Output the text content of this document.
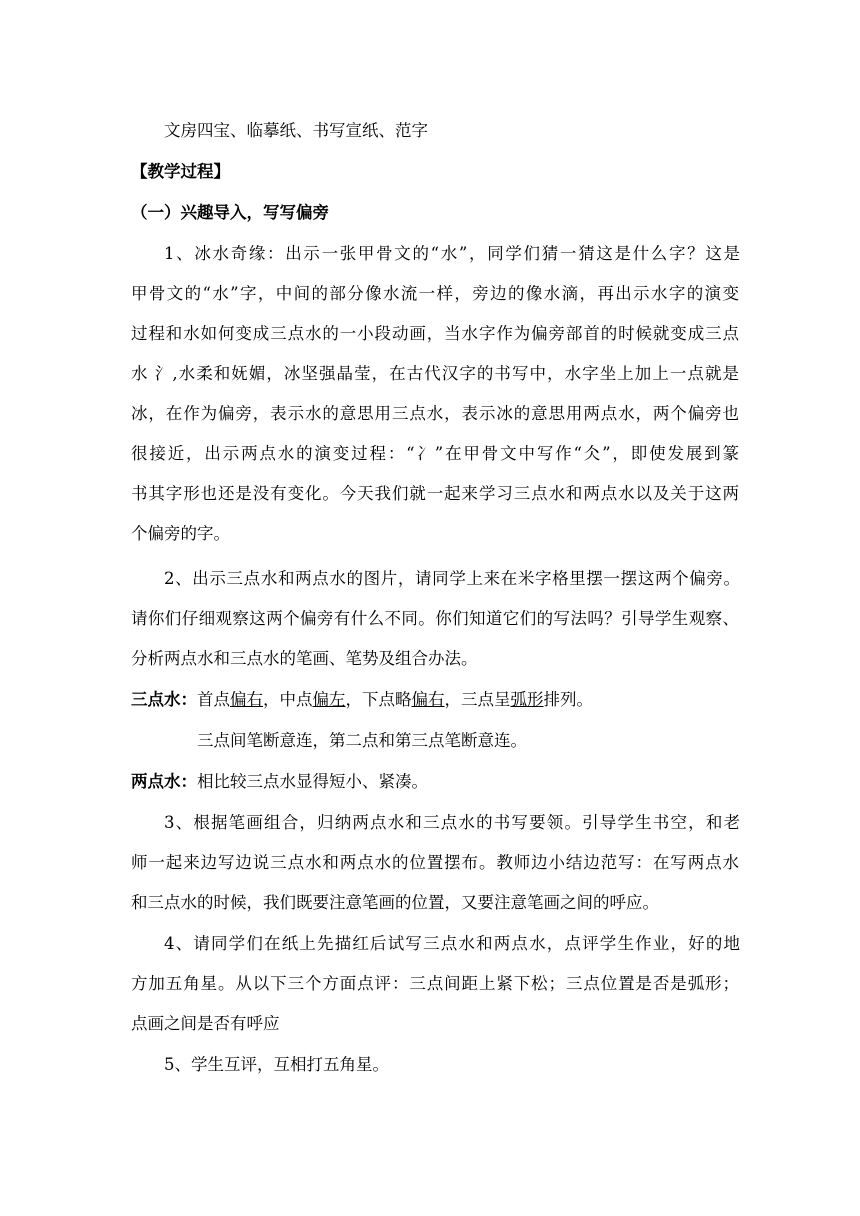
文房四宝、临摹纸、书写宣纸、范字
【教学过程】
（一）兴趣导入，写写偏旁
1、冰水奇缘：出示一张甲骨文的“水”，同学们猜一猜这是什么字？这是
甲骨文的“水”字，中间的部分像水流一样，旁边的像水滴，再出示水字的演变
过程和水如何变成三点水的一小段动画，当水字作为偏旁部首的时候就变成三点
水 氵,水柔和妩媚，冰坚强晶莹，在古代汉字的书写中，水字坐上加上一点就是
冰，在作为偏旁，表示水的意思用三点水，表示冰的意思用两点水，两个偏旁也
很接近，出示两点水的演变过程：“冫”在甲骨文中写作“仌”，即使发展到篆
书其字形也还是没有变化。今天我们就一起来学习三点水和两点水以及关于这两
个偏旁的字。
2、出示三点水和两点水的图片，请同学上来在米字格里摆一摆这两个偏旁。
请你们仔细观察这两个偏旁有什么不同。你们知道它们的写法吗？引导学生观察、
分析两点水和三点水的笔画、笔势及组合办法。
三点水：首点偏右，中点偏左，下点略偏右，三点呈弧形排列。
三点间笔断意连，第二点和第三点笔断意连。
两点水：相比较三点水显得短小、紧凑。
3、根据笔画组合，归纳两点水和三点水的书写要领。引导学生书空，和老
师一起来边写边说三点水和两点水的位置摆布。教师边小结边范写：在写两点水
和三点水的时候，我们既要注意笔画的位置，又要注意笔画之间的呼应。
4、请同学们在纸上先描红后试写三点水和两点水，点评学生作业，好的地
方加五角星。从以下三个方面点评：三点间距上紧下松；三点位置是否是弧形；
点画之间是否有呼应
5、学生互评，互相打五角星。
